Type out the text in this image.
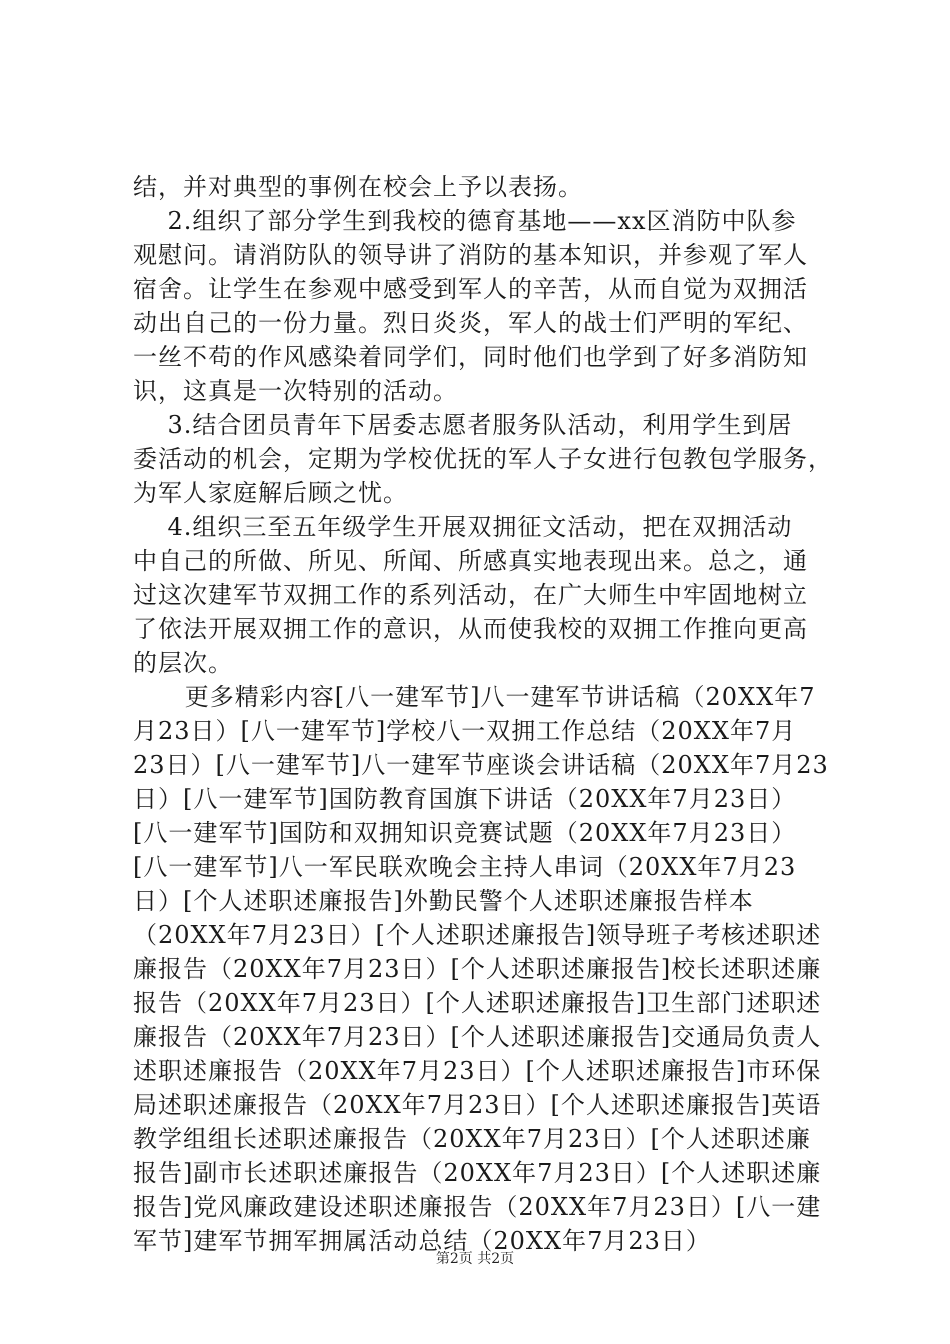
结，并对典型的事例在校会上予以表扬。
2.组织了部分学生到我校的德育基地——xx区消防中队参
观慰问。请消防队的领导讲了消防的基本知识，并参观了军人
宿舍。让学生在参观中感受到军人的辛苦，从而自觉为双拥活
动出自己的一份力量。烈日炎炎，军人的战士们严明的军纪、
一丝不苟的作风感染着同学们，同时他们也学到了好多消防知
识，这真是一次特别的活动。
3.结合团员青年下居委志愿者服务队活动，利用学生到居
委活动的机会，定期为学校优抚的军人子女进行包教包学服务，
为军人家庭解后顾之忧。
4.组织三至五年级学生开展双拥征文活动，把在双拥活动
中自己的所做、所见、所闻、所感真实地表现出来。总之，通
过这次建军节双拥工作的系列活动，在广大师生中牢固地树立
了依法开展双拥工作的意识，从而使我校的双拥工作推向更高
的层次。
更多精彩内容[八一建军节]八一建军节讲话稿（20XX年7
月23日）[八一建军节]学校八一双拥工作总结（20XX年7月
23日）[八一建军节]八一建军节座谈会讲话稿（20XX年7月23
日）[八一建军节]国防教育国旗下讲话（20XX年7月23日）
[八一建军节]国防和双拥知识竞赛试题（20XX年7月23日）
[八一建军节]八一军民联欢晚会主持人串词（20XX年7月23
日）[个人述职述廉报告]外勤民警个人述职述廉报告样本
（20XX年7月23日）[个人述职述廉报告]领导班子考核述职述
廉报告（20XX年7月23日）[个人述职述廉报告]校长述职述廉
报告（20XX年7月23日）[个人述职述廉报告]卫生部门述职述
廉报告（20XX年7月23日）[个人述职述廉报告]交通局负责人
述职述廉报告（20XX年7月23日）[个人述职述廉报告]市环保
局述职述廉报告（20XX年7月23日）[个人述职述廉报告]英语
教学组组长述职述廉报告（20XX年7月23日）[个人述职述廉
报告]副市长述职述廉报告（20XX年7月23日）[个人述职述廉
报告]党风廉政建设述职述廉报告（20XX年7月23日）[八一建
军节]建军节拥军拥属活动总结（20XX年7月23日）
第2页 共2页
